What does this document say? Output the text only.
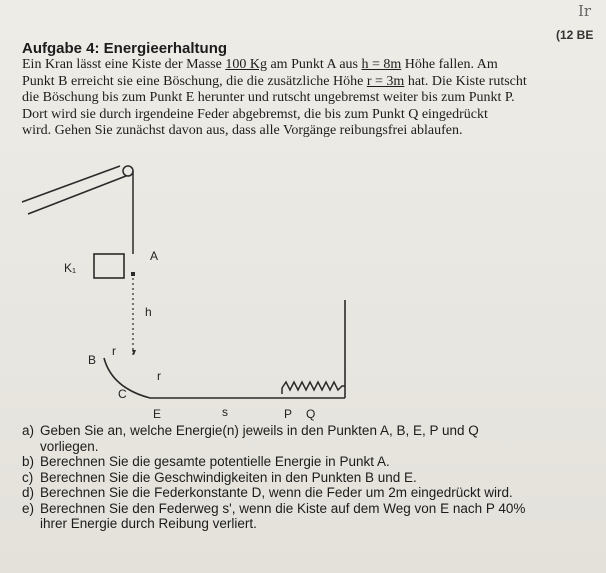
Ir
(12 BE
Aufgabe 4: Energieerhaltung

Ein Kran lässt eine Kiste der Masse 100 Kg am Punkt A aus h = 8m Höhe fallen. Am

Punkt B erreicht sie eine Böschung, die die zusätzliche Höhe r = 3m hat. Die Kiste rutscht

die Böschung bis zum Punkt E herunter und rutscht ungebremst weiter bis zum Punkt P.

Dort wird sie durch irgendeine Feder abgebremst, die bis zum Punkt Q eingedrückt

wird. Gehen Sie zunächst davon aus, dass alle Vorgänge reibungsfrei ablaufen.

K₁
A
h
B
r
r
C
E	s	P Q
a) Geben Sie an, welche Energie(n) jeweils in den Punkten A, B, E, P und Q
vorliegen.
b) Berechnen Sie die gesamte potentielle Energie in Punkt A.
c) Berechnen Sie die Geschwindigkeiten in den Punkten B und E.
d) Berechnen Sie die Federkonstante D, wenn die Feder um 2m eingedrückt wird.
e) Berechnen Sie den Federweg s', wenn die Kiste auf dem Weg von E nach P 40%
ihrer Energie durch Reibung verliert.
